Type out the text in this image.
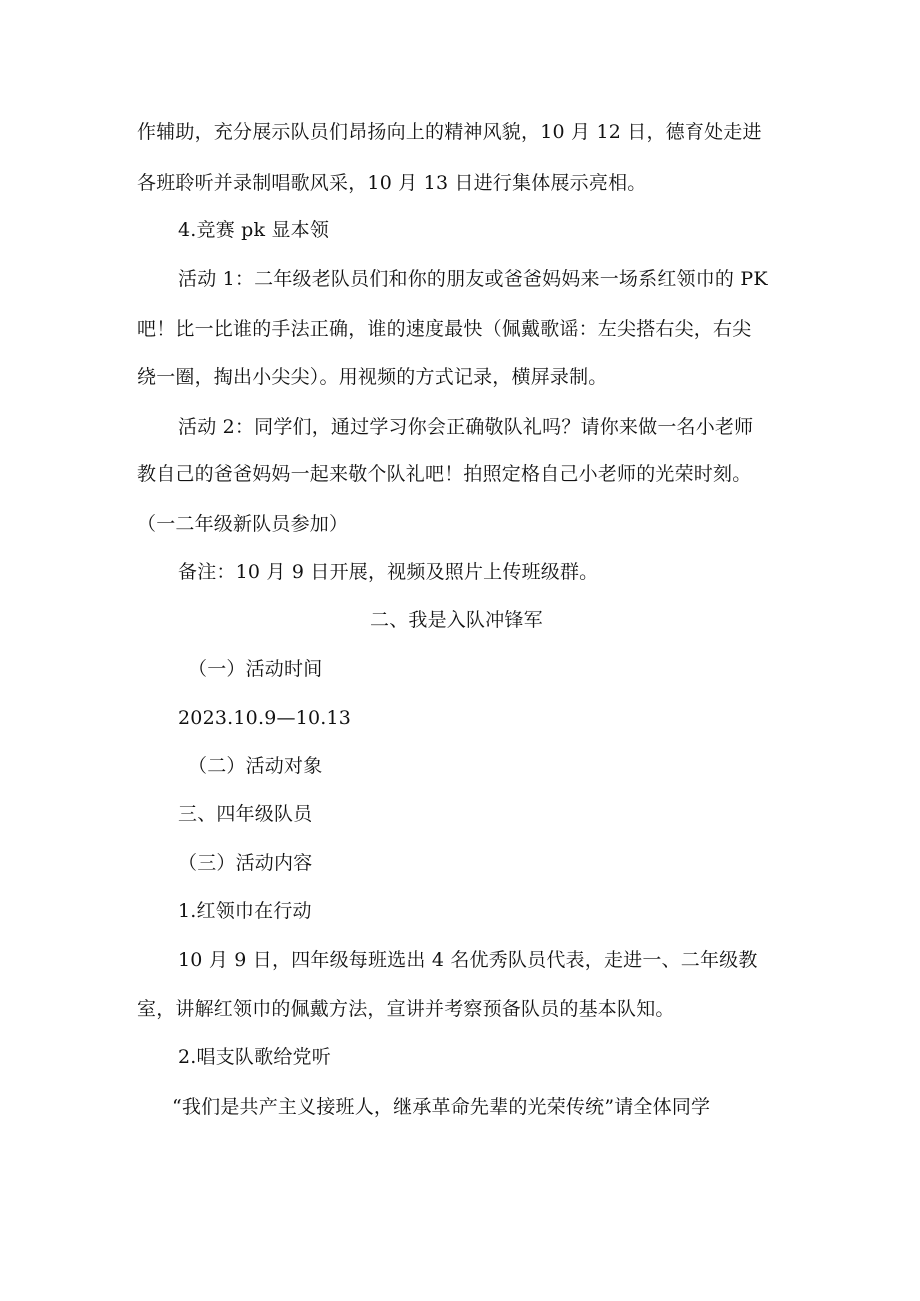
作辅助，充分展示队员们昂扬向上的精神风貌，10 月 12 日，德育处走进
各班聆听并录制唱歌风采，10 月 13 日进行集体展示亮相。
4.竞赛 pk 显本领
活动 1：二年级老队员们和你的朋友或爸爸妈妈来一场系红领巾的 PK
吧！比一比谁的手法正确，谁的速度最快（佩戴歌谣：左尖搭右尖，右尖
绕一圈，掏出小尖尖）。用视频的方式记录，横屏录制。
活动 2：同学们，通过学习你会正确敬队礼吗？请你来做一名小老师
教自己的爸爸妈妈一起来敬个队礼吧！拍照定格自己小老师的光荣时刻。
（一二年级新队员参加）
备注：10 月 9 日开展，视频及照片上传班级群。
二、我是入队冲锋军
（一）活动时间
2023.10.9—10.13
（二）活动对象
三、四年级队员
（三）活动内容
1.红领巾在行动
10 月 9 日，四年级每班选出 4 名优秀队员代表，走进一、二年级教
室，讲解红领巾的佩戴方法，宣讲并考察预备队员的基本队知。
2.唱支队歌给党听
“我们是共产主义接班人，继承革命先辈的光荣传统”请全体同学
